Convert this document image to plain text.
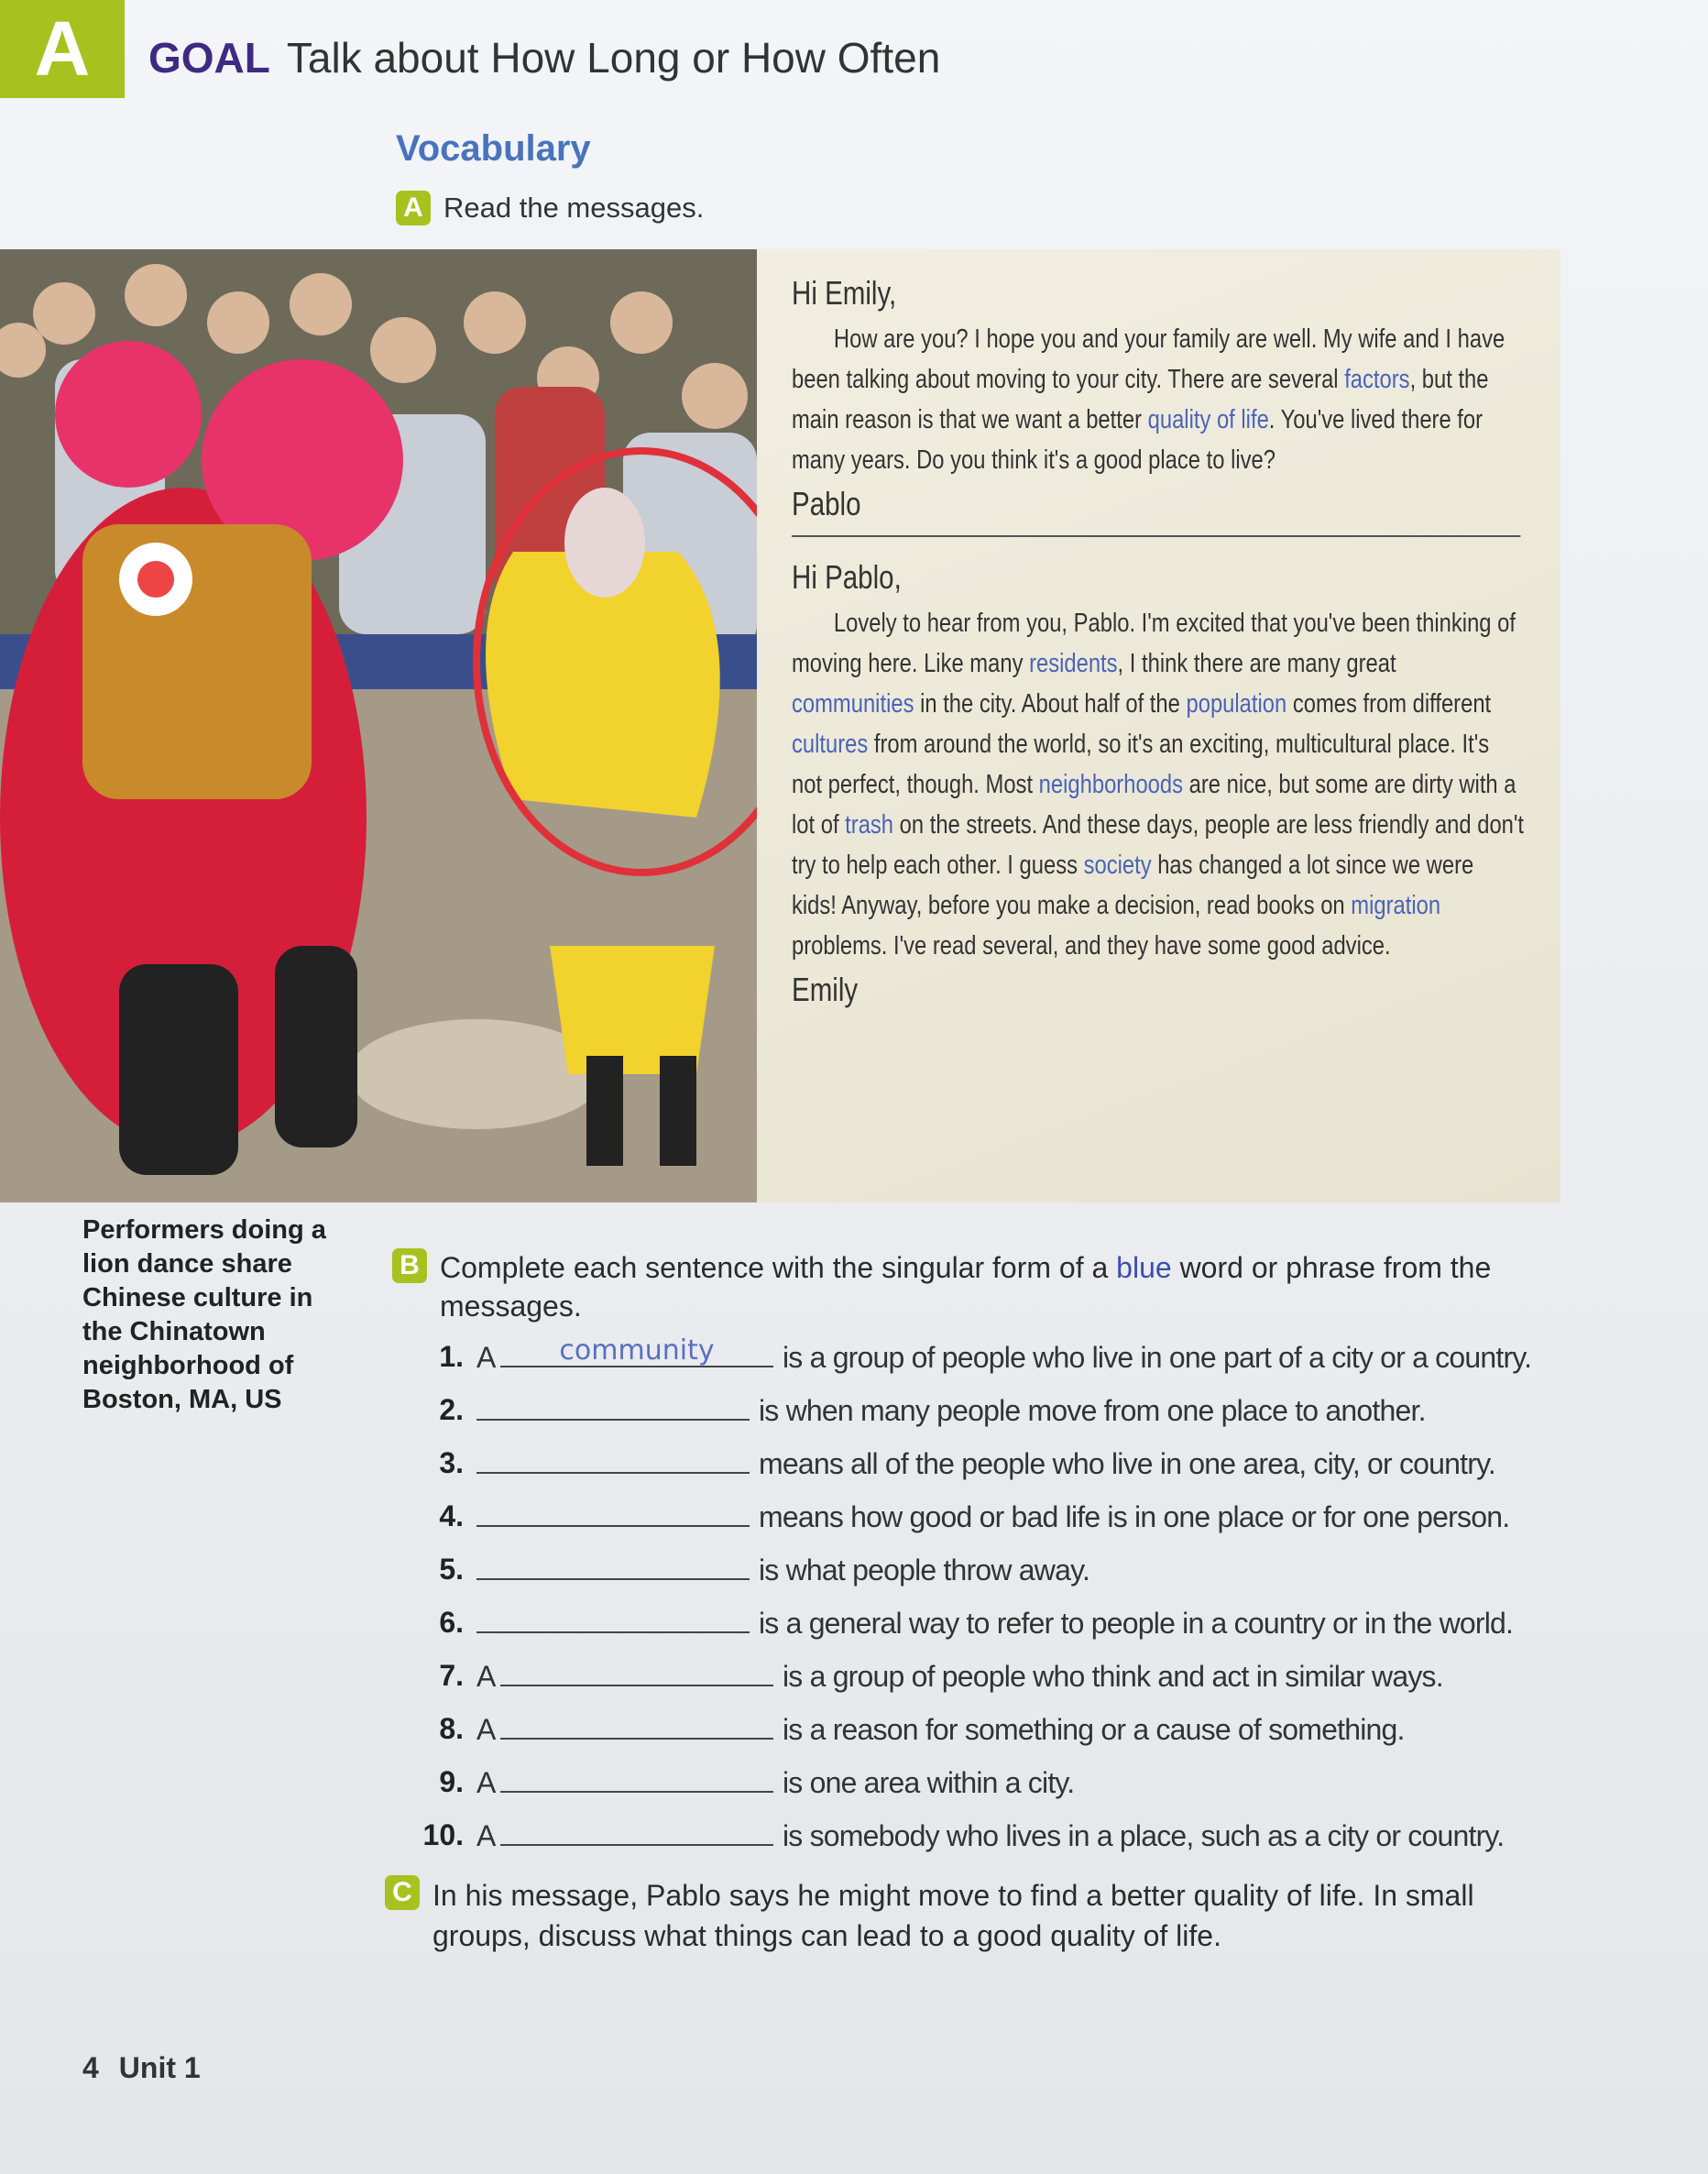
A	GOAL Talk about How Long or How Often
Vocabulary
A Read the messages.
Hi Emily,

How are you? I hope you and your family are well. My wife and I have been talking about moving to your city. There are several factors, but the main reason is that we want a better quality of life. You've lived there for many years. Do you think it's a good place to live?

Pablo
Hi Pablo,

Lovely to hear from you, Pablo. I'm excited that you've been thinking of moving here. Like many residents, I think there are many great communities in the city. About half of the population comes from different cultures from around the world, so it's an exciting, multicultural place. It's not perfect, though. Most neighborhoods are nice, but some are dirty with a lot of trash on the streets. And these days, people are less friendly and don't try to help each other. I guess society has changed a lot since we were kids! Anyway, before you make a decision, read books on migration problems. I've read several, and they have some good advice.

Emily
Performers doing a lion dance share Chinese culture in the Chinatown neighborhood of Boston, MA, US
B Complete each sentence with the singular form of a blue word or phrase from the messages.
1. A	community	is a group of people who live in one part of a city or a country.
2.	is when many people move from one place to another.
3.	means all of the people who live in one area, city, or country.
4.	means how good or bad life is in one place or for one person.
5.	is what people throw away.
6.	is a general way to refer to people in a country or in the world.
7. A	is a group of people who think and act in similar ways.
8. A	is a reason for something or a cause of something.
9. A	is one area within a city.
10. A	is somebody who lives in a place, such as a city or country.
C In his message, Pablo says he might move to find a better quality of life. In small groups, discuss what things can lead to a good quality of life.
4 Unit 1
